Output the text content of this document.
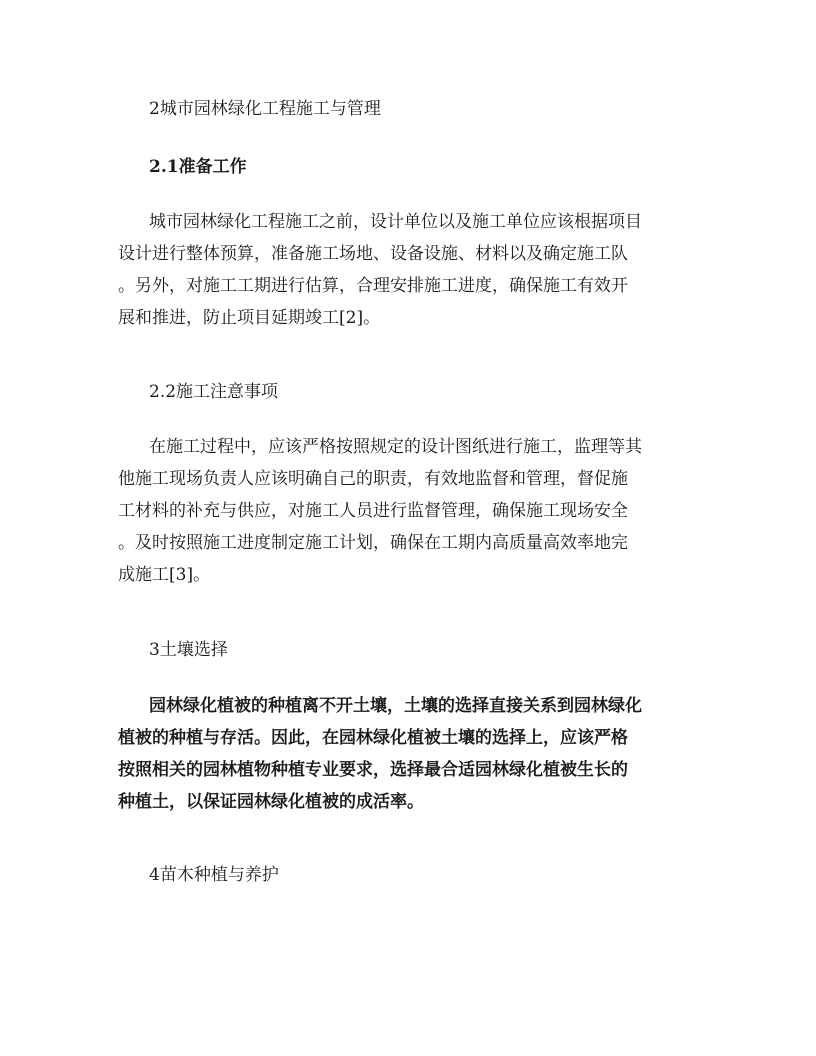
2城市园林绿化工程施工与管理
2.1准备工作
城市园林绿化工程施工之前，设计单位以及施工单位应该根据项目
设计进行整体预算，准备施工场地、设备设施、材料以及确定施工队
。另外，对施工工期进行估算，合理安排施工进度，确保施工有效开
展和推进，防止项目延期竣工[2]。
2.2施工注意事项
在施工过程中，应该严格按照规定的设计图纸进行施工，监理等其
他施工现场负责人应该明确自己的职责，有效地监督和管理，督促施
工材料的补充与供应，对施工人员进行监督管理，确保施工现场安全
。及时按照施工进度制定施工计划，确保在工期内高质量高效率地完
成施工[3]。
3土壤选择
园林绿化植被的种植离不开土壤，土壤的选择直接关系到园林绿化
植被的种植与存活。因此，在园林绿化植被土壤的选择上，应该严格
按照相关的园林植物种植专业要求，选择最合适园林绿化植被生长的
种植土，以保证园林绿化植被的成活率。
4苗木种植与养护
